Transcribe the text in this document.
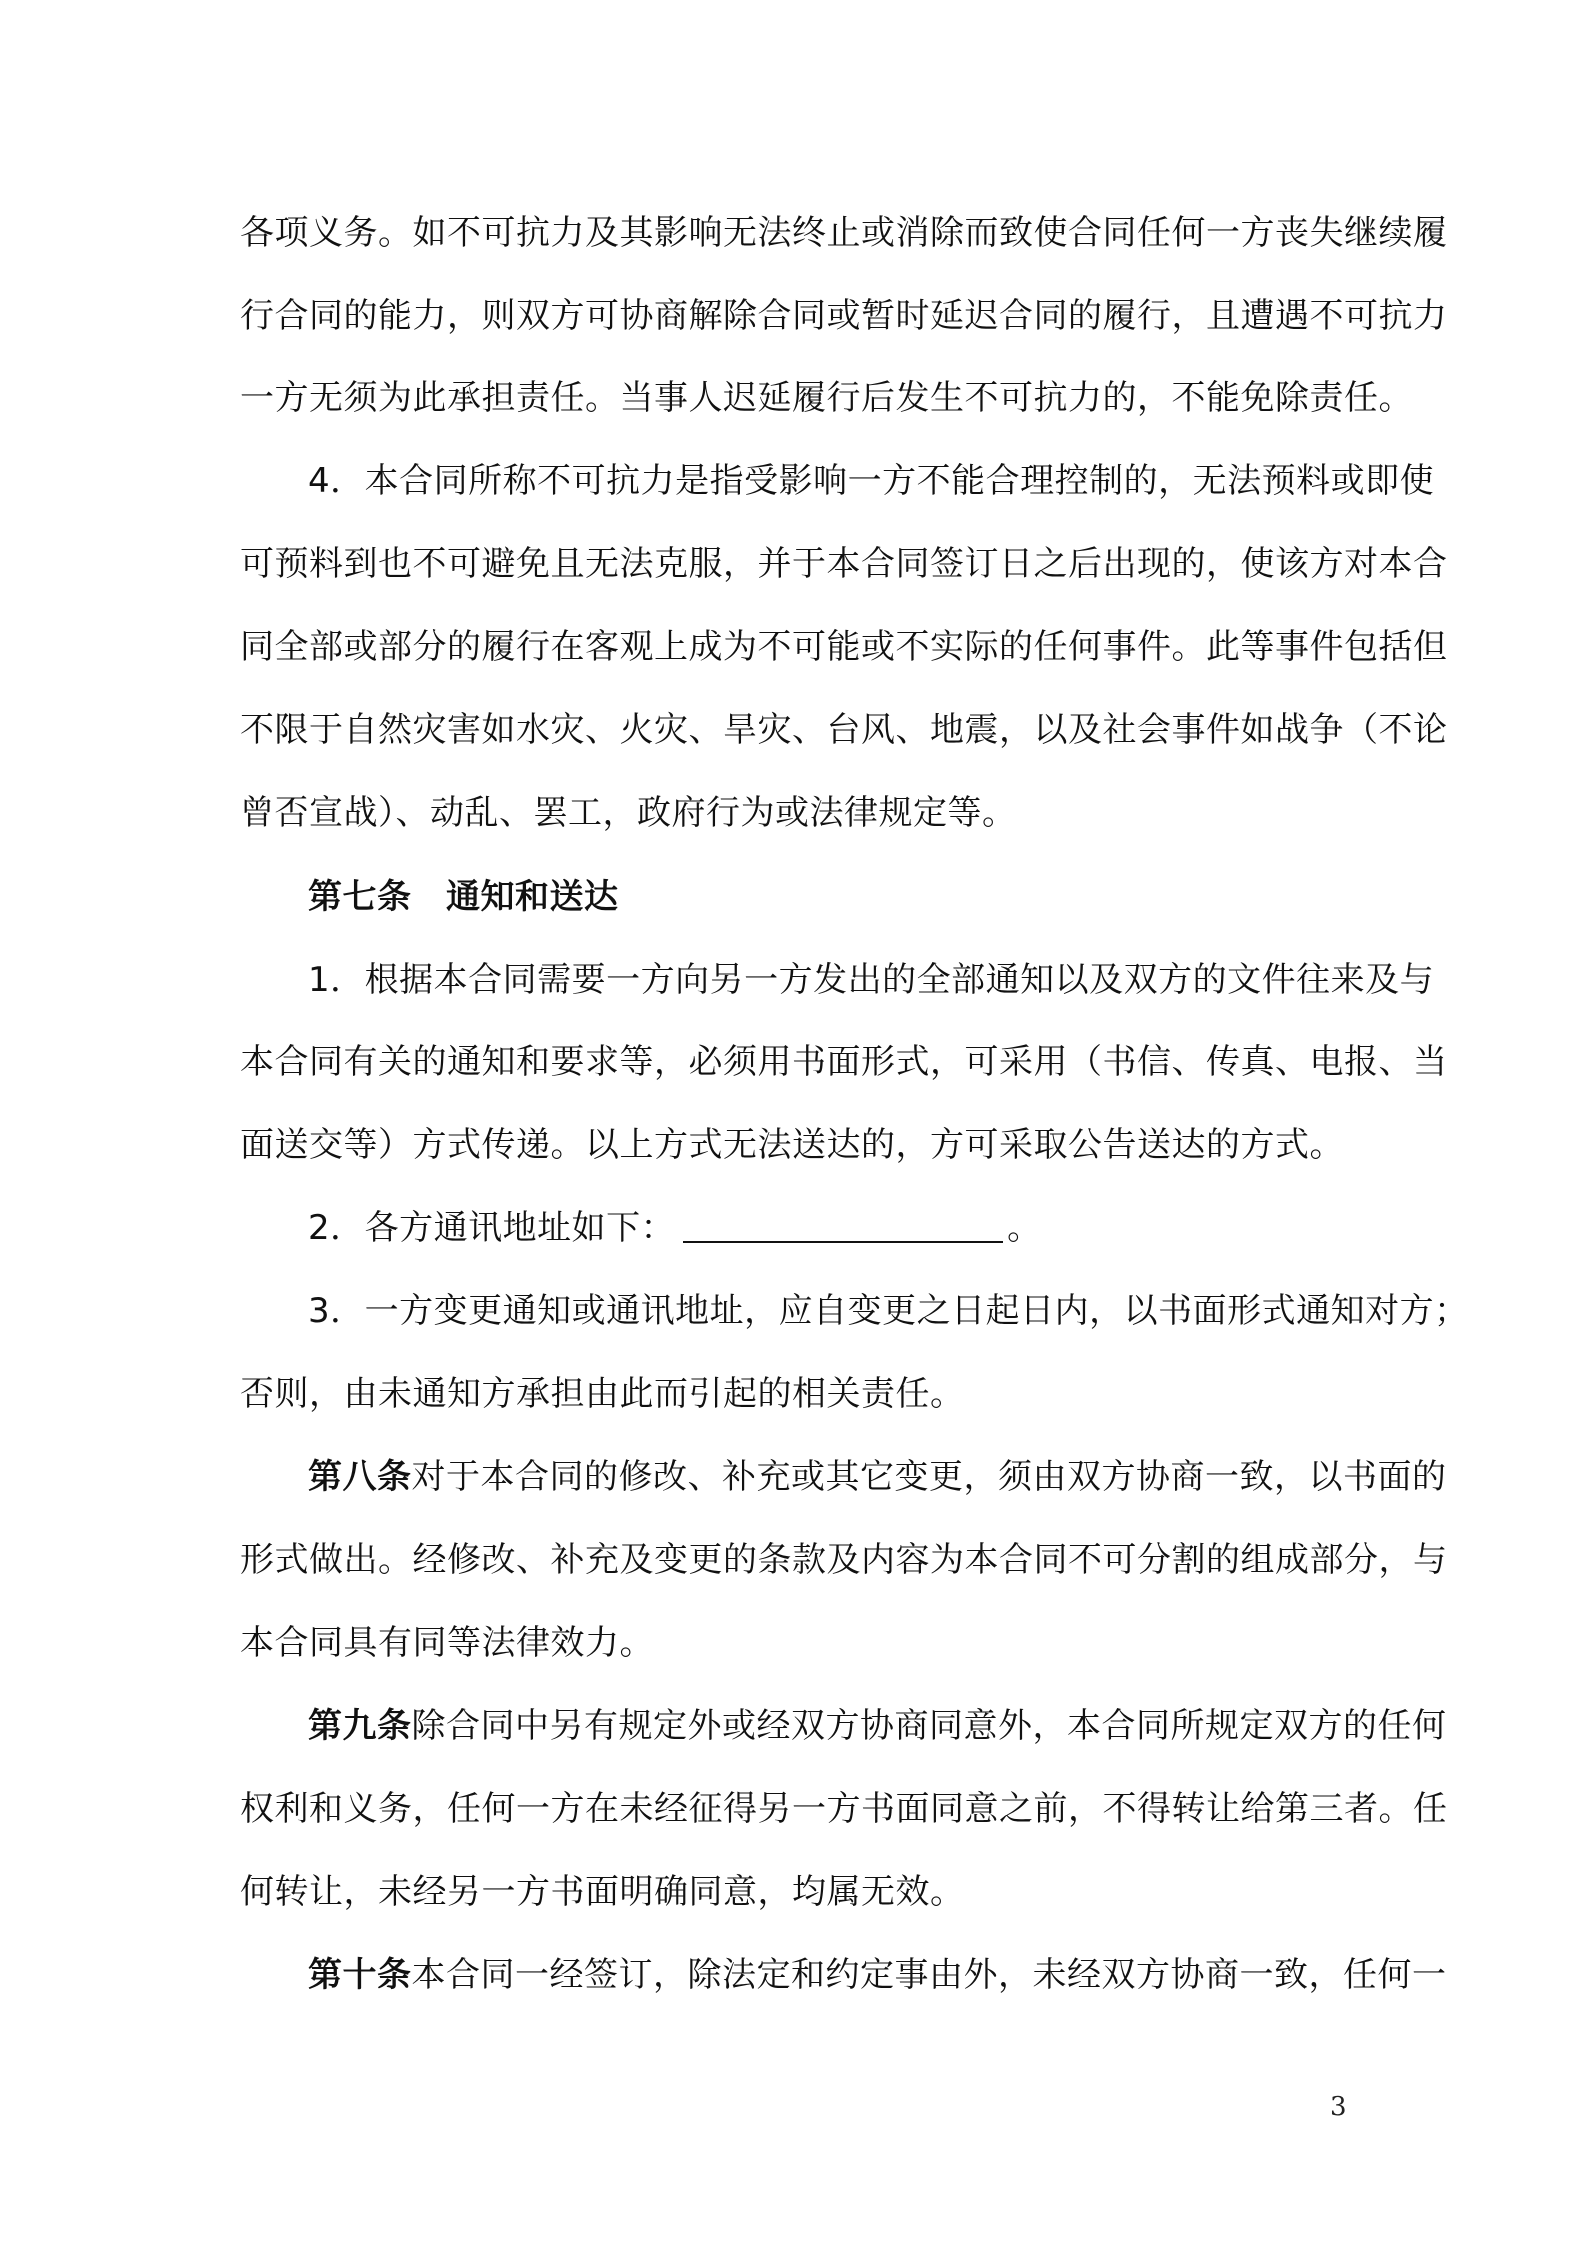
各项义务。如不可抗力及其影响无法终止或消除而致使合同任何一方丧失继续履
行合同的能力，则双方可协商解除合同或暂时延迟合同的履行，且遭遇不可抗力
一方无须为此承担责任。当事人迟延履行后发生不可抗力的，不能免除责任。
4．本合同所称不可抗力是指受影响一方不能合理控制的，无法预料或即使
可预料到也不可避免且无法克服，并于本合同签订日之后出现的，使该方对本合
同全部或部分的履行在客观上成为不可能或不实际的任何事件。此等事件包括但
不限于自然灾害如水灾、火灾、旱灾、台风、地震，以及社会事件如战争（不论
曾否宣战）、动乱、罢工，政府行为或法律规定等。
第七条　通知和送达
1．根据本合同需要一方向另一方发出的全部通知以及双方的文件往来及与
本合同有关的通知和要求等，必须用书面形式，可采用（书信、传真、电报、当
面送交等）方式传递。以上方式无法送达的，方可采取公告送达的方式。
2．各方通讯地址如下：	。
3．一方变更通知或通讯地址，应自变更之日起日内，以书面形式通知对方；
否则，由未通知方承担由此而引起的相关责任。
第八条对于本合同的修改、补充或其它变更，须由双方协商一致，以书面的
形式做出。经修改、补充及变更的条款及内容为本合同不可分割的组成部分，与
本合同具有同等法律效力。
第九条除合同中另有规定外或经双方协商同意外，本合同所规定双方的任何
权利和义务，任何一方在未经征得另一方书面同意之前，不得转让给第三者。任
何转让，未经另一方书面明确同意，均属无效。
第十条本合同一经签订，除法定和约定事由外，未经双方协商一致，任何一
3
